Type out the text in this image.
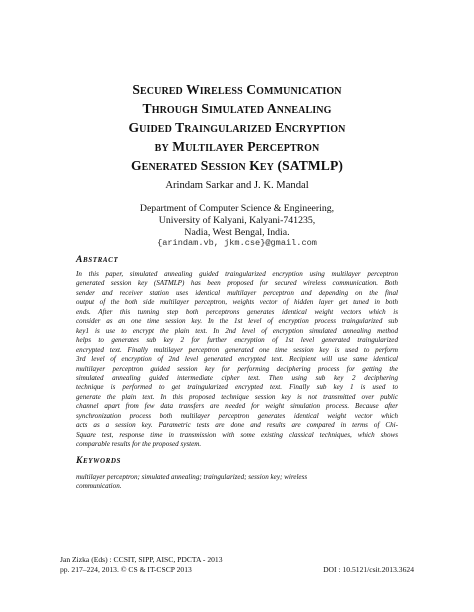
Secured Wireless Communication
Through Simulated Annealing
Guided Traingularized Encryption
by Multilayer Perceptron
Generated Session Key (SATMLP)
Arindam Sarkar and J. K. Mandal
Department of Computer Science & Engineering,
University of Kalyani, Kalyani-741235,
Nadia, West Bengal, India.
{arindam.vb, jkm.cse}@gmail.com
Abstract
In this paper, simulated annealing guided traingularized encryption using multilayer perceptron
generated session key (SATMLP) has been proposed for secured wireless communication. Both
sender and receiver station uses identical multilayer perceptron and depending on the final
output of the both side multilayer perceptron, weights vector of hidden layer get tuned in both
ends. After this tunning step both perceptrons generates identical weight vectors which is
consider as an one time session key. In the 1st level of encryption process traingularized sub
key1 is use to encrypt the plain text. In 2nd level of encryption simulated annealing method
helps to generates sub key 2 for further encryption of 1st level generated traingularized
encrypted text. Finally multilayer perceptron generated one time session key is used to perform
3rd level of encryption of 2nd level generated encrypted text. Recipient will use same identical
multilayer perceptron guided session key for performing deciphering process for getting the
simulated annealing guided intermediate cipher text. Then using sub key 2 deciphering
technique is performed to get traingularized encrypted text. Finally sub key 1 is used to
generate the plain text. In this proposed technique session key is not transmitted over public
channel apart from few data transfers are needed for weight simulation process. Because after
synchronization process both multilayer perceptron generates identical weight vector which
acts as a session key. Parametric tests are done and results are compared in terms of Chi-
Square test, response time in transmission with some existing classical techniques, which shows
comparable results for the proposed system.
Keywords
multilayer perceptron; simulated annealing; traingularized; session key; wireless
communication.
Jan Zizka (Eds) : CCSIT, SIPP, AISC, PDCTA - 2013
pp. 217–224, 2013. © CS & IT-CSCP 2013	DOI : 10.5121/csit.2013.3624
